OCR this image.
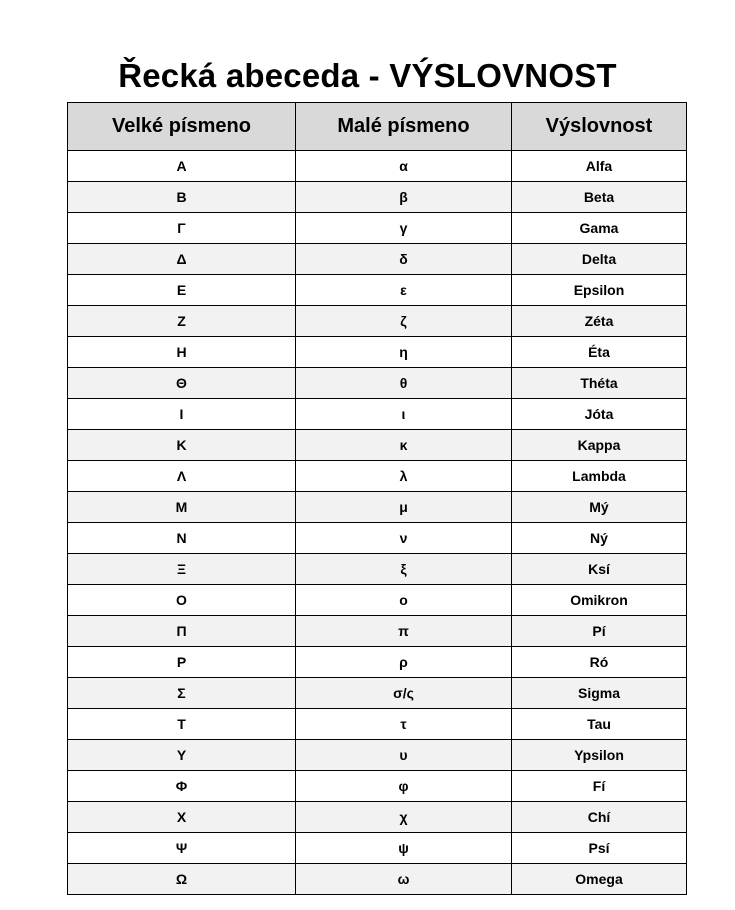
Řecká abeceda - VÝSLOVNOST
Velké písmeno	Malé písmeno	Výslovnost
Α	α	Alfa
Β	β	Beta
Γ	γ	Gama
Δ	δ	Delta
Ε	ε	Epsilon
Ζ	ζ	Zéta
Η	η	Éta
Θ	θ	Théta
Ι	ι	Jóta
Κ	κ	Kappa
Λ	λ	Lambda
Μ	μ	Mý
Ν	ν	Ný
Ξ	ξ	Ksí
Ο	ο	Omikron
Π	π	Pí
Ρ	ρ	Ró
Σ	σ/ς	Sigma
Τ	τ	Tau
Υ	υ	Ypsilon
Φ	φ	Fí
Χ	χ	Chí
Ψ	ψ	Psí
Ω	ω	Omega
